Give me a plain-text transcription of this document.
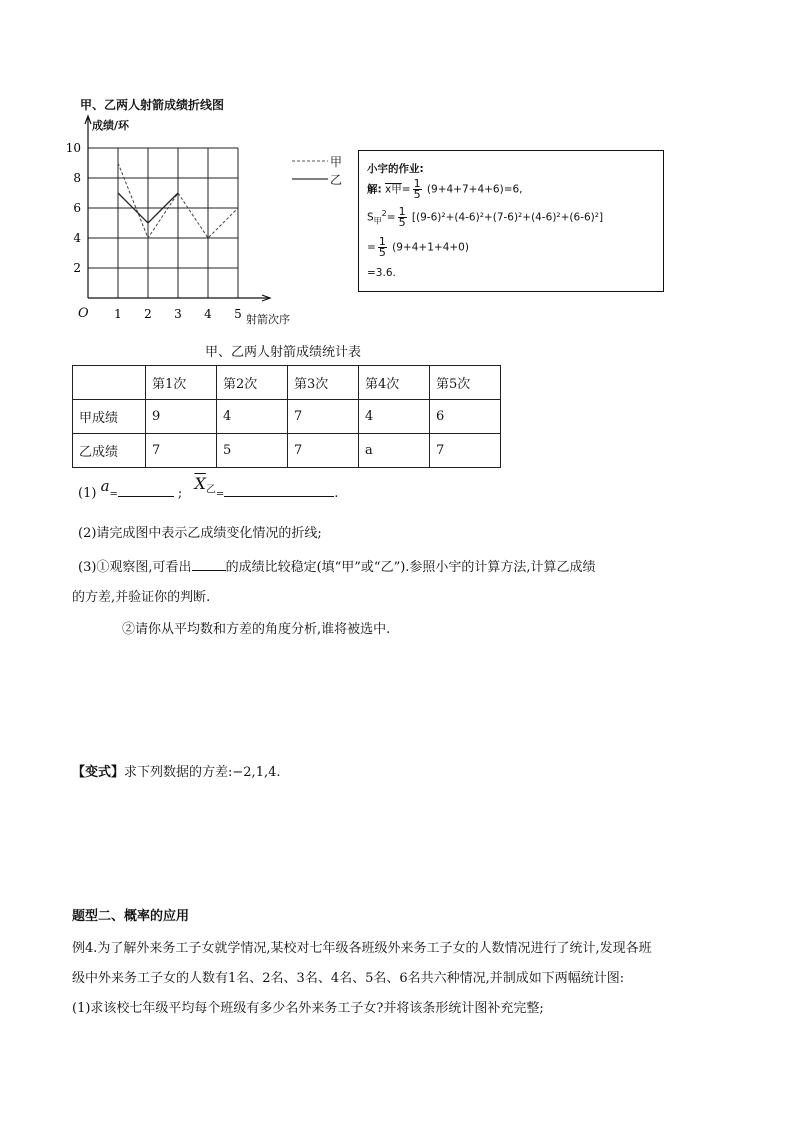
甲、乙两人射箭成绩折线图
1 2 3 4 5
2
4
6
8
10
成绩/环
O	射箭次序
甲
乙
小宇的作业:
解: x甲= $\frac{1}{5} (9+4+7+4+6)=6$,
$S_甲^2= \frac{1}{5} [(9-6)^2+(4-6)^2+(7-6)^2+(4-6)^2+(6-6)^2]$
= $\frac{1}{5} (9+4+1+4+0)$
=3.6.
甲、乙两人射箭成绩统计表
	第1次	第2次	第3次	第4次	第5次
甲成绩	9	4	7	4	6
乙成绩	7	5	7	a	7
(1) a=	; $\overline{X}_乙=$	.
(2)请完成图中表示乙成绩变化情况的折线;
(3)①观察图,可看出	的成绩比较稳定(填“甲”或“乙”).参照小宇的计算方法,计算乙成绩
的方差,并验证你的判断.
②请你从平均数和方差的角度分析,谁将被选中.
【变式】求下列数据的方差:−2,1,4.
题型二、概率的应用
例4.为了解外来务工子女就学情况,某校对七年级各班级外来务工子女的人数情况进行了统计,发现各班
级中外来务工子女的人数有1名、2名、3名、4名、5名、6名共六种情况,并制成如下两幅统计图:
(1)求该校七年级平均每个班级有多少名外来务工子女?并将该条形统计图补充完整;
